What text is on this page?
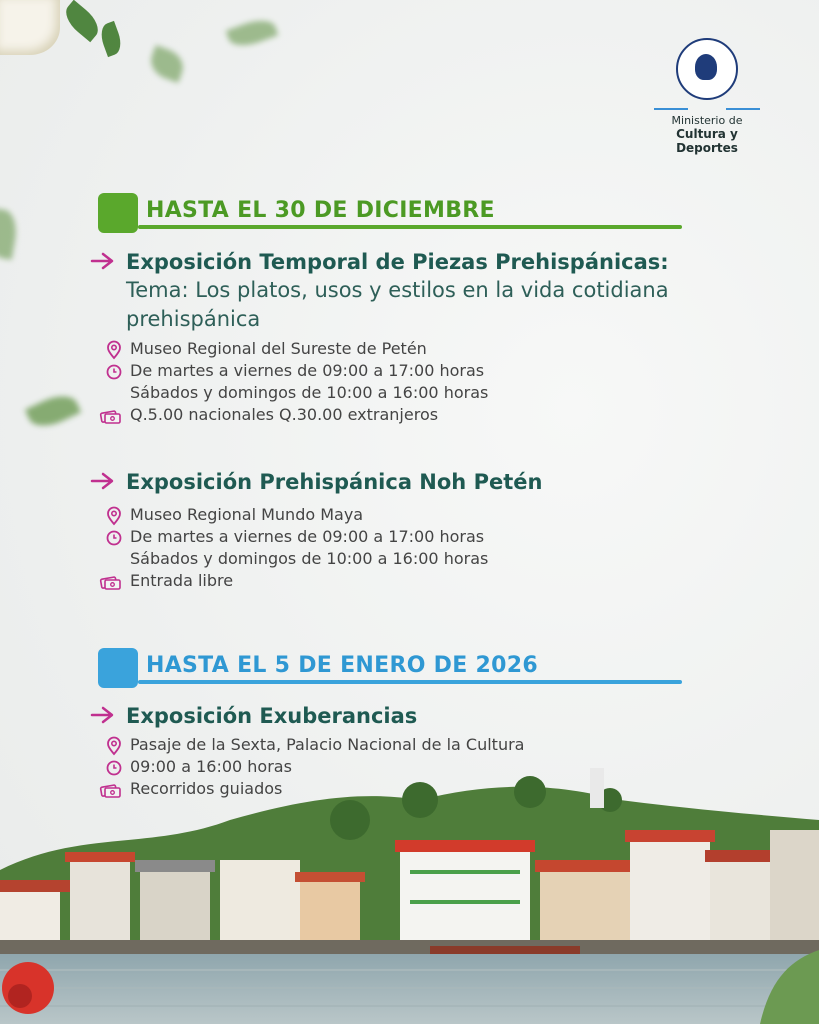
Ministerio de
Cultura y Deportes
HASTA EL 30 DE DICIEMBRE
Exposición Temporal de Piezas Prehispánicas:
Tema: Los platos, usos y estilos en la vida cotidiana
prehispánica
Museo Regional del Sureste de Petén
De martes a viernes de 09:00 a 17:00 horas
Sábados y domingos de 10:00 a 16:00 horas
Q.5.00 nacionales Q.30.00 extranjeros
Exposición Prehispánica Noh Petén
Museo Regional Mundo Maya
De martes a viernes de 09:00 a 17:00 horas
Sábados y domingos de 10:00 a 16:00 horas
Entrada libre
HASTA EL 5 DE ENERO DE 2026
Exposición Exuberancias
Pasaje de la Sexta, Palacio Nacional de la Cultura
09:00 a 16:00 horas
Recorridos guiados
